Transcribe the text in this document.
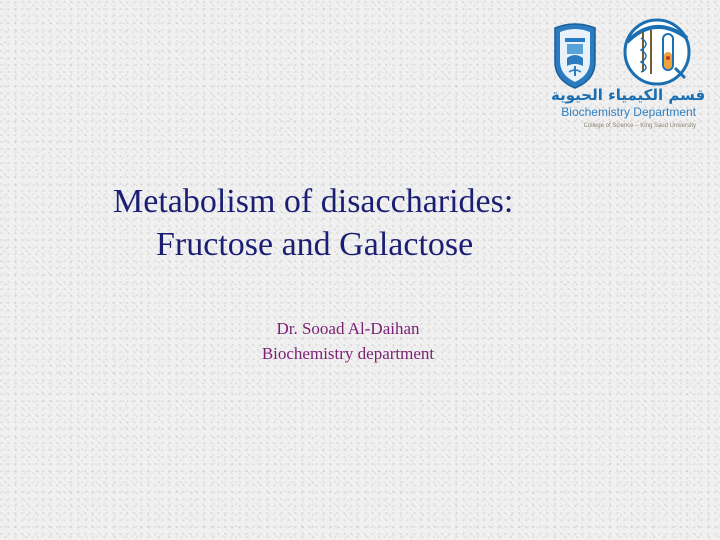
قسم الكيمياء الحيوية
Biochemistry Department
College of Science – King Saud University
Metabolism of disaccharides:
Fructose and Galactose
Dr. Sooad Al-Daihan
Biochemistry department
